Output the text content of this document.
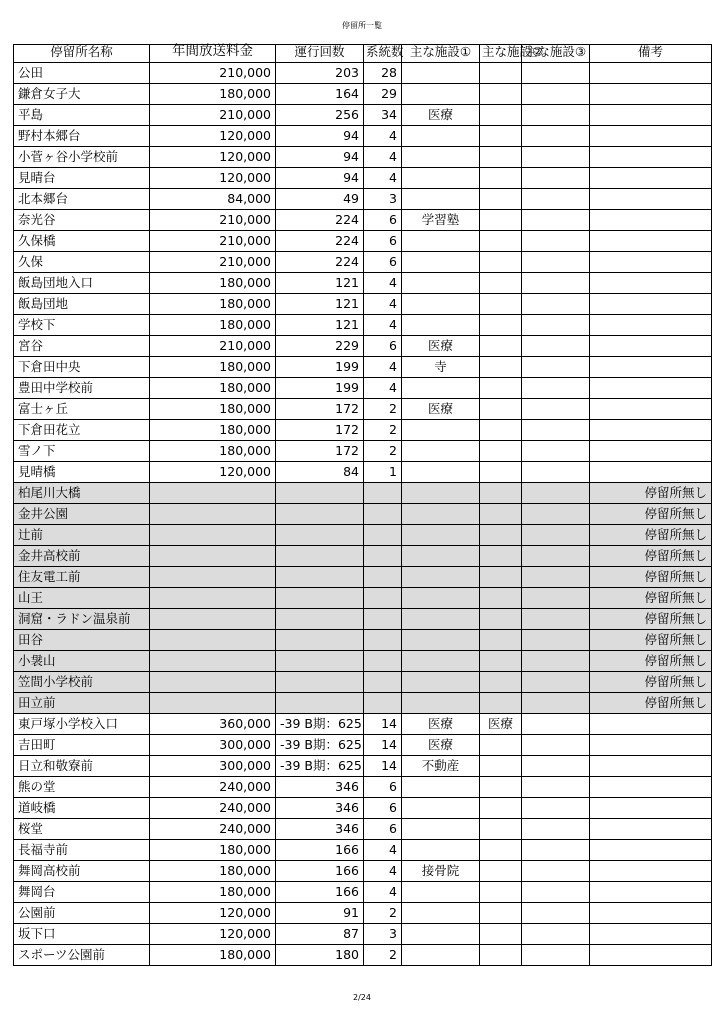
停留所一覧
停留所名称	年間放送料金	運行回数	系統数	主な施設①	主な施設②	主な施設③	備考

公田	210,000	203	28				
鎌倉女子大	180,000	164	29				
平島	210,000	256	34	医療			
野村本郷台	120,000	94	4				
小菅ヶ谷小学校前	120,000	94	4				
見晴台	120,000	94	4				
北本郷台	84,000	49	3				
奈光谷	210,000	224	6	学習塾			
久保橋	210,000	224	6				
久保	210,000	224	6				
飯島団地入口	180,000	121	4				
飯島団地	180,000	121	4				
学校下	180,000	121	4				
宮谷	210,000	229	6	医療			
下倉田中央	180,000	199	4	寺			
豊田中学校前	180,000	199	4				
富士ヶ丘	180,000	172	2	医療			
下倉田花立	180,000	172	2				
雪ノ下	180,000	172	2				
見晴橋	120,000	84	1				
柏尾川大橋							停留所無し
金井公園							停留所無し
辻前							停留所無し
金井高校前							停留所無し
住友電工前							停留所無し
山王							停留所無し
洞窟・ラドン温泉前							停留所無し
田谷							停留所無し
小袰山							停留所無し
笠間小学校前							停留所無し
田立前							停留所無し
東戸塚小学校入口	360,000	-39 B期：625	14	医療	医療		
吉田町	300,000	-39 B期：625	14	医療			
日立和敬寮前	300,000	-39 B期：625	14	不動産			
熊の堂	240,000	346	6				
道岐橋	240,000	346	6				
桜堂	240,000	346	6				
長福寺前	180,000	166	4				
舞岡高校前	180,000	166	4	接骨院			
舞岡台	180,000	166	4				
公園前	120,000	91	2				
坂下口	120,000	87	3				
スポーツ公園前	180,000	180	2				
2/24
